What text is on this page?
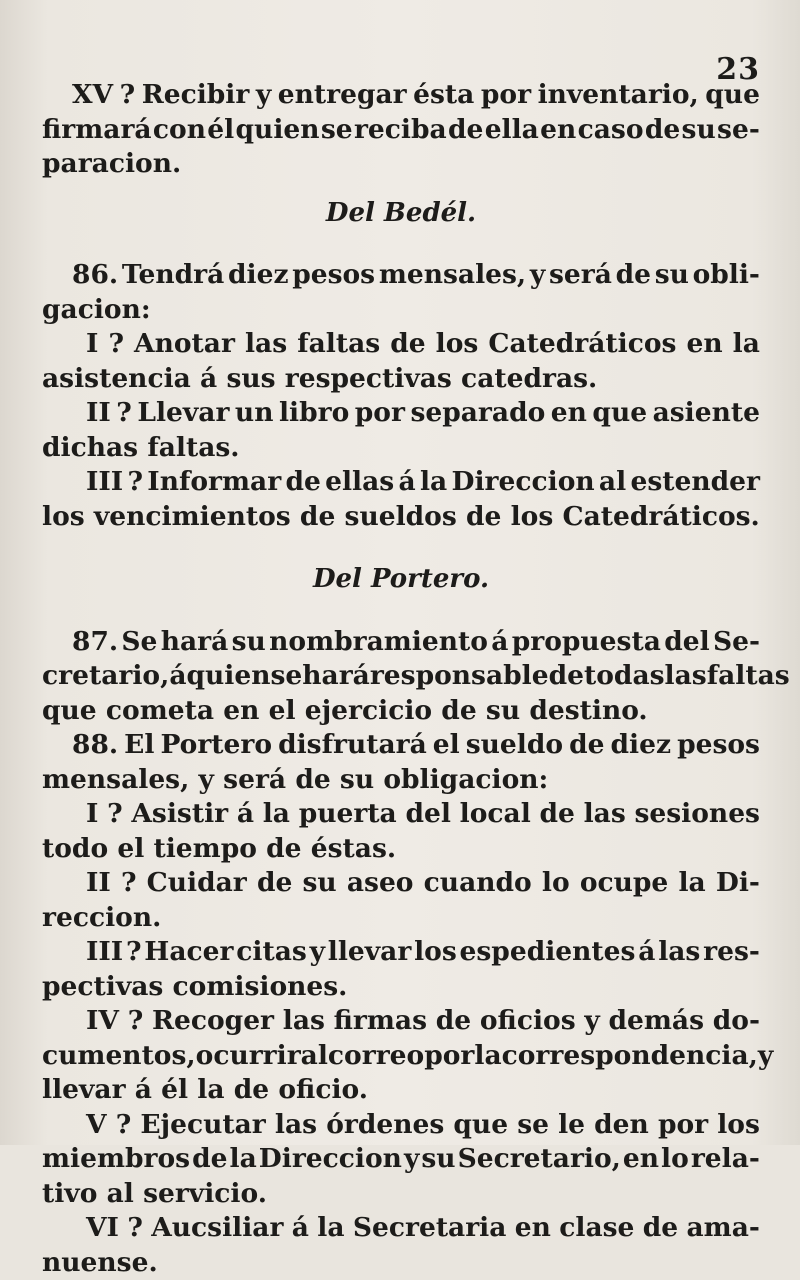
23
XV ? Recibir y entregar ésta por inventario, que
firmará con él quien se reciba de ella en caso de su se-
paracion.
Del Bedél.
86. Tendrá diez pesos mensales, y será de su obli-
gacion:
I ? Anotar las faltas de los Catedráticos en la
asistencia á sus respectivas catedras.
II ? Llevar un libro por separado en que asiente
dichas faltas.
III ? Informar de ellas á la Direccion al estender
los vencimientos de sueldos de los Catedráticos.
Del Portero.
87. Se hará su nombramiento á propuesta del Se-
cretario, á quien se hará responsable de todas las faltas
que cometa en el ejercicio de su destino.
88. El Portero disfrutará el sueldo de diez pesos
mensales, y será de su obligacion:
I ? Asistir á la puerta del local de las sesiones
todo el tiempo de éstas.
II ? Cuidar de su aseo cuando lo ocupe la Di-
reccion.
III ? Hacer citas y llevar los espedientes á las res-
pectivas comisiones.
IV ? Recoger las firmas de oficios y demás do-
cumentos, ocurrir al correo por la correspondencia, y
llevar á él la de oficio.
V ? Ejecutar las órdenes que se le den por los
miembros de la Direccion y su Secretario, en lo rela-
tivo al servicio.
VI ? Aucsiliar á la Secretaria en clase de ama-
nuense.
